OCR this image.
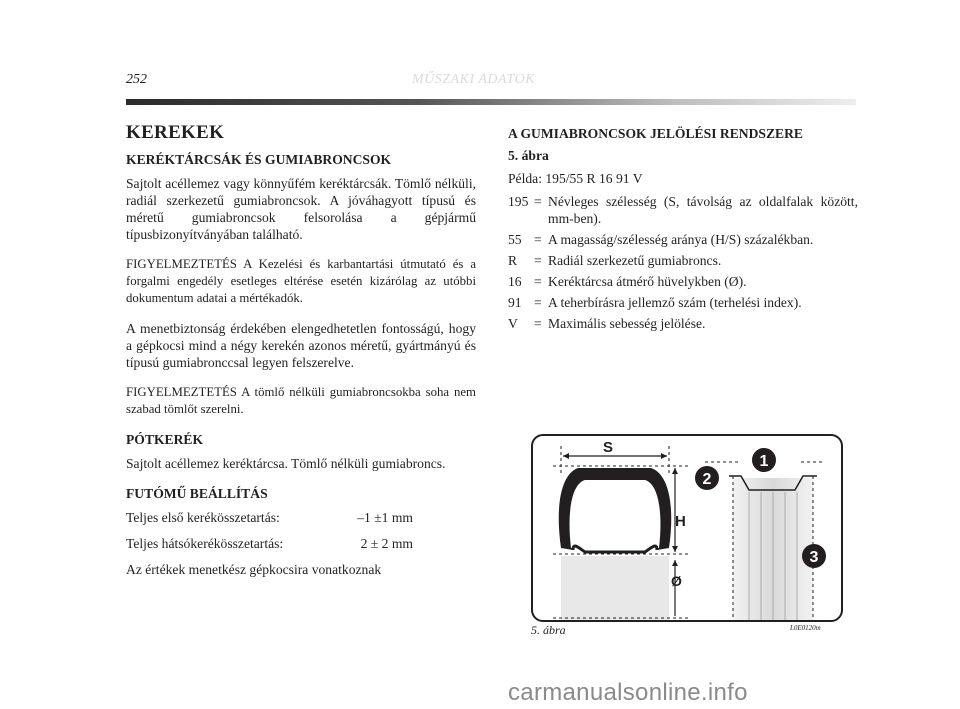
252	MŰSZAKI ADATOK
KEREKEK
KERÉKTÁRCSÁK ÉS GUMIABRONCSOK

Sajtolt acéllemez vagy könnyűfém keréktárcsák. Tömlő nélküli, radiál szerkezetű gumiabroncsok. A jóváhagyott típusú és méretű gumiabroncsok felsorolása a gépjármű típusbizonyítványában található.

FIGYELMEZTETÉS A Kezelési és karbantartási útmutató és a forgalmi engedély esetleges eltérése esetén kizárólag az utóbbi dokumentum adatai a mértékadók.

A menetbiztonság érdekében elengedhetetlen fontosságú, hogy a gépkocsi mind a négy kerekén azonos méretű, gyártmányú és típusú gumiabronccsal legyen felszerelve.

FIGYELMEZTETÉS A tömlő nélküli gumiabroncsokba soha nem szabad tömlőt szerelni.

PÓTKERÉK

Sajtolt acéllemez keréktárcsa. Tömlő nélküli gumiabroncs.

FUTÓMŰ BEÁLLÍTÁS
Teljes első kerékösszetartás:	–1 ±1 mm
Teljes hátsókerékösszetartás:	2 ± 2 mm
Az értékek menetkész gépkocsira vonatkoznak
A GUMIABRONCSOK JELÖLÉSI RENDSZERE
5. ábra
Példa: 195/55 R 16 91 V
195 = Névleges szélesség (S, távolság az oldalfalak között, mm-ben).
55 = A magasság/szélesség aránya (H/S) százalékban.
R	= Radiál szerkezetű gumiabroncs.
16 = Keréktárcsa átmérő hüvelykben (Ø).
91 = A teherbírásra jellemző szám (terhelési index).
V	= Maximális sebesség jelölése.
S
H
Ø
1
2
3
5. ábra	L0E0120m
carmanualsonline.info
